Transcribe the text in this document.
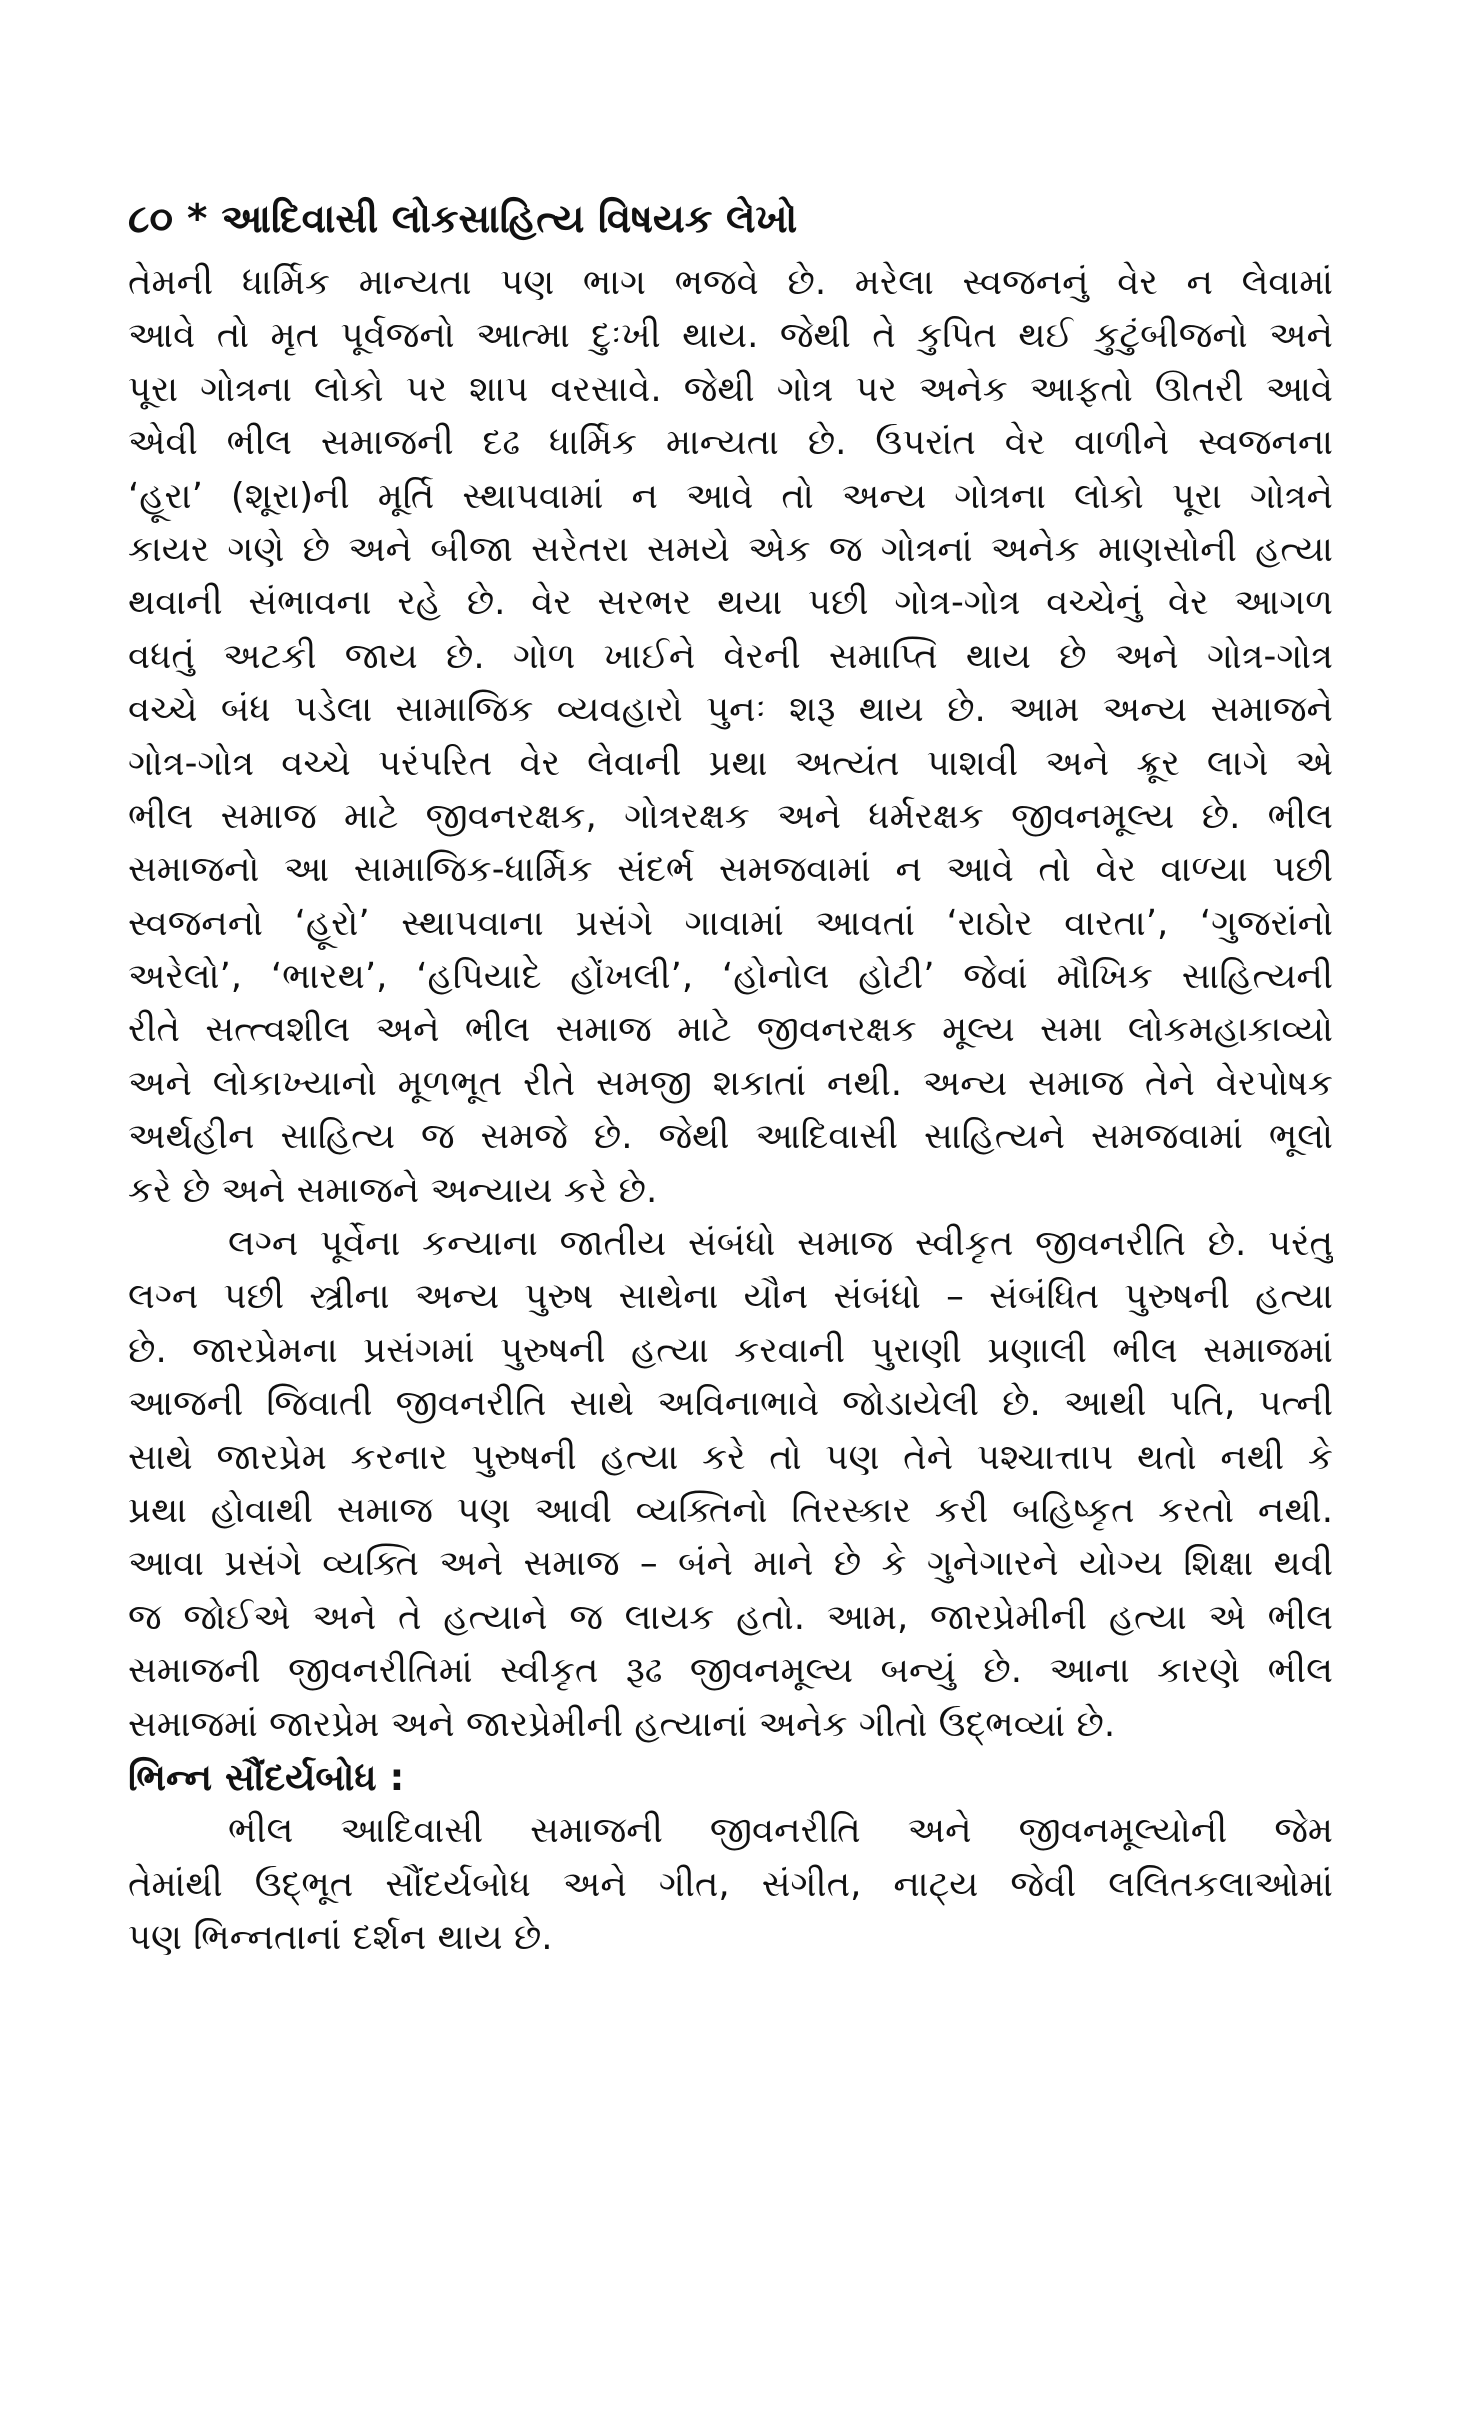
૮૦ * આદિવાસી લોકસાહિત્ય વિષયક લેખો
તેમની ધાર્મિક માન્યતા પણ ભાગ ભજવે છે. મરેલા સ્વજનનું વેર ન લેવામાં
આવે તો મૃત પૂર્વજનો આત્મા દુઃખી થાય. જેથી તે કુપિત થઈ કુટુંબીજનો અને
પૂરા ગોત્રના લોકો પર શાપ વરસાવે. જેથી ગોત્ર પર અનેક આફતો ઊતરી આવે
એવી ભીલ સમાજની દઢ ધાર્મિક માન્યતા છે. ઉપરાંત વેર વાળીને સ્વજનના
‘હૂરા’ (શૂરા)ની મૂર્તિ સ્થાપવામાં ન આવે તો અન્ય ગોત્રના લોકો પૂરા ગોત્રને
કાયર ગણે છે અને બીજા સરેતરા સમયે એક જ ગોત્રનાં અનેક માણસોની હત્યા
થવાની સંભાવના રહે છે. વેર સરભર થયા પછી ગોત્ર-ગોત્ર વચ્ચેનું વેર આગળ
વધતું અટકી જાય છે. ગોળ ખાઈને વેરની સમાપ્તિ થાય છે અને ગોત્ર-ગોત્ર
વચ્ચે બંધ પડેલા સામાજિક વ્યવહારો પુનઃ શરૂ થાય છે. આમ અન્ય સમાજને
ગોત્ર-ગોત્ર વચ્ચે પરંપરિત વેર લેવાની પ્રથા અત્યંત પાશવી અને ક્રૂર લાગે એ
ભીલ સમાજ માટે જીવનરક્ષક, ગોત્રરક્ષક અને ધર્મરક્ષક જીવનમૂલ્ય છે. ભીલ
સમાજનો આ સામાજિક-ધાર્મિક સંદર્ભ સમજવામાં ન આવે તો વેર વાળ્યા પછી
સ્વજનનો ‘હૂરો’ સ્થાપવાના પ્રસંગે ગાવામાં આવતાં ‘રાઠોર વારતા’, ‘ગુજરાંનો
અરેલો’, ‘ભારથ’, ‘હપિયાદે હોંખલી’, ‘હોનોલ હોટી’ જેવાં મૌખિક સાહિત્યની
રીતે સત્ત્વશીલ અને ભીલ સમાજ માટે જીવનરક્ષક મૂલ્ય સમા લોકમહાકાવ્યો
અને લોકાખ્યાનો મૂળભૂત રીતે સમજી શકાતાં નથી. અન્ય સમાજ તેને વેરપોષક
અર્થહીન સાહિત્ય જ સમજે છે. જેથી આદિવાસી સાહિત્યને સમજવામાં ભૂલો
કરે છે અને સમાજને અન્યાય કરે છે.
લગ્ન પૂર્વેના કન્યાના જાતીય સંબંધો સમાજ સ્વીકૃત જીવનરીતિ છે. પરંતુ
લગ્ન પછી સ્ત્રીના અન્ય પુરુષ સાથેના યૌન સંબંધો – સંબંધિત પુરુષની હત્યા
છે. જારપ્રેમના પ્રસંગમાં પુરુષની હત્યા કરવાની પુરાણી પ્રણાલી ભીલ સમાજમાં
આજની જિવાતી જીવનરીતિ સાથે અવિનાભાવે જોડાયેલી છે. આથી પતિ, પત્ની
સાથે જારપ્રેમ કરનાર પુરુષની હત્યા કરે તો પણ તેને પશ્ચાત્તાપ થતો નથી કે
પ્રથા હોવાથી સમાજ પણ આવી વ્યક્તિનો તિરસ્કાર કરી બહિષ્કૃત કરતો નથી.
આવા પ્રસંગે વ્યક્તિ અને સમાજ – બંને માને છે કે ગુનેગારને યોગ્ય શિક્ષા થવી
જ જોઈએ અને તે હત્યાને જ લાયક હતો. આમ, જારપ્રેમીની હત્યા એ ભીલ
સમાજની જીવનરીતિમાં સ્વીકૃત રૂઢ જીવનમૂલ્ય બન્યું છે. આના કારણે ભીલ
સમાજમાં જારપ્રેમ અને જારપ્રેમીની હત્યાનાં અનેક ગીતો ઉદ્ભવ્યાં છે.
ભિન્ન સૌંદર્યબોધ :
ભીલ આદિવાસી સમાજની જીવનરીતિ અને જીવનમૂલ્યોની જેમ
તેમાંથી ઉદ્ભૂત સૌંદર્યબોધ અને ગીત, સંગીત, નાટ્ય જેવી લલિતકલાઓમાં
પણ ભિન્નતાનાં દર્શન થાય છે.
